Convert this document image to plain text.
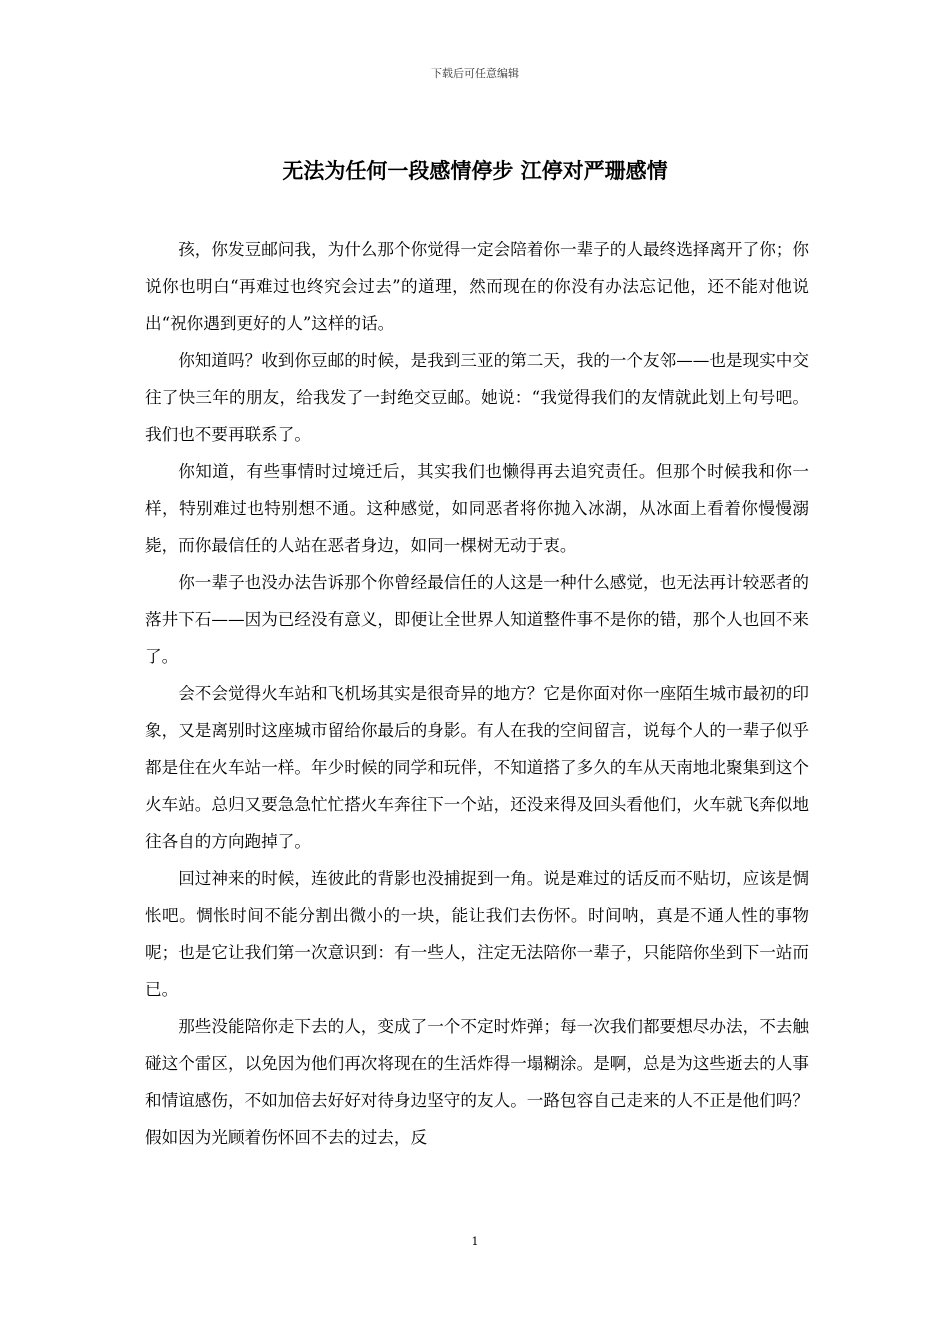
下载后可任意编辑
无法为任何一段感情停步 江停对严珊感情

孩，你发豆邮问我，为什么那个你觉得一定会陪着你一辈子的人最终选择离开了你；你说你也明白“再难过也终究会过去”的道理，然而现在的你没有办法忘记他，还不能对他说出“祝你遇到更好的人”这样的话。

你知道吗？收到你豆邮的时候，是我到三亚的第二天，我的一个友邻——也是现实中交往了快三年的朋友，给我发了一封绝交豆邮。她说：“我觉得我们的友情就此划上句号吧。我们也不要再联系了。

你知道，有些事情时过境迁后，其实我们也懒得再去追究责任。但那个时候我和你一样，特别难过也特别想不通。这种感觉，如同恶者将你抛入冰湖，从冰面上看着你慢慢溺毙，而你最信任的人站在恶者身边，如同一棵树无动于衷。

你一辈子也没办法告诉那个你曾经最信任的人这是一种什么感觉，也无法再计较恶者的落井下石——因为已经没有意义，即便让全世界人知道整件事不是你的错，那个人也回不来了。

会不会觉得火车站和飞机场其实是很奇异的地方？它是你面对你一座陌生城市最初的印象，又是离别时这座城市留给你最后的身影。有人在我的空间留言，说每个人的一辈子似乎都是住在火车站一样。年少时候的同学和玩伴，不知道搭了多久的车从天南地北聚集到这个火车站。总归又要急急忙忙搭火车奔往下一个站，还没来得及回头看他们，火车就飞奔似地往各自的方向跑掉了。

回过神来的时候，连彼此的背影也没捕捉到一角。说是难过的话反而不贴切，应该是惆怅吧。惆怅时间不能分割出微小的一块，能让我们去伤怀。时间呐，真是不通人性的事物呢；也是它让我们第一次意识到：有一些人，注定无法陪你一辈子，只能陪你坐到下一站而已。

那些没能陪你走下去的人，变成了一个不定时炸弹；每一次我们都要想尽办法，不去触碰这个雷区，以免因为他们再次将现在的生活炸得一塌糊涂。是啊，总是为这些逝去的人事和情谊感伤，不如加倍去好好对待身边坚守的友人。一路包容自己走来的人不正是他们吗？假如因为光顾着伤怀回不去的过去，反

1
